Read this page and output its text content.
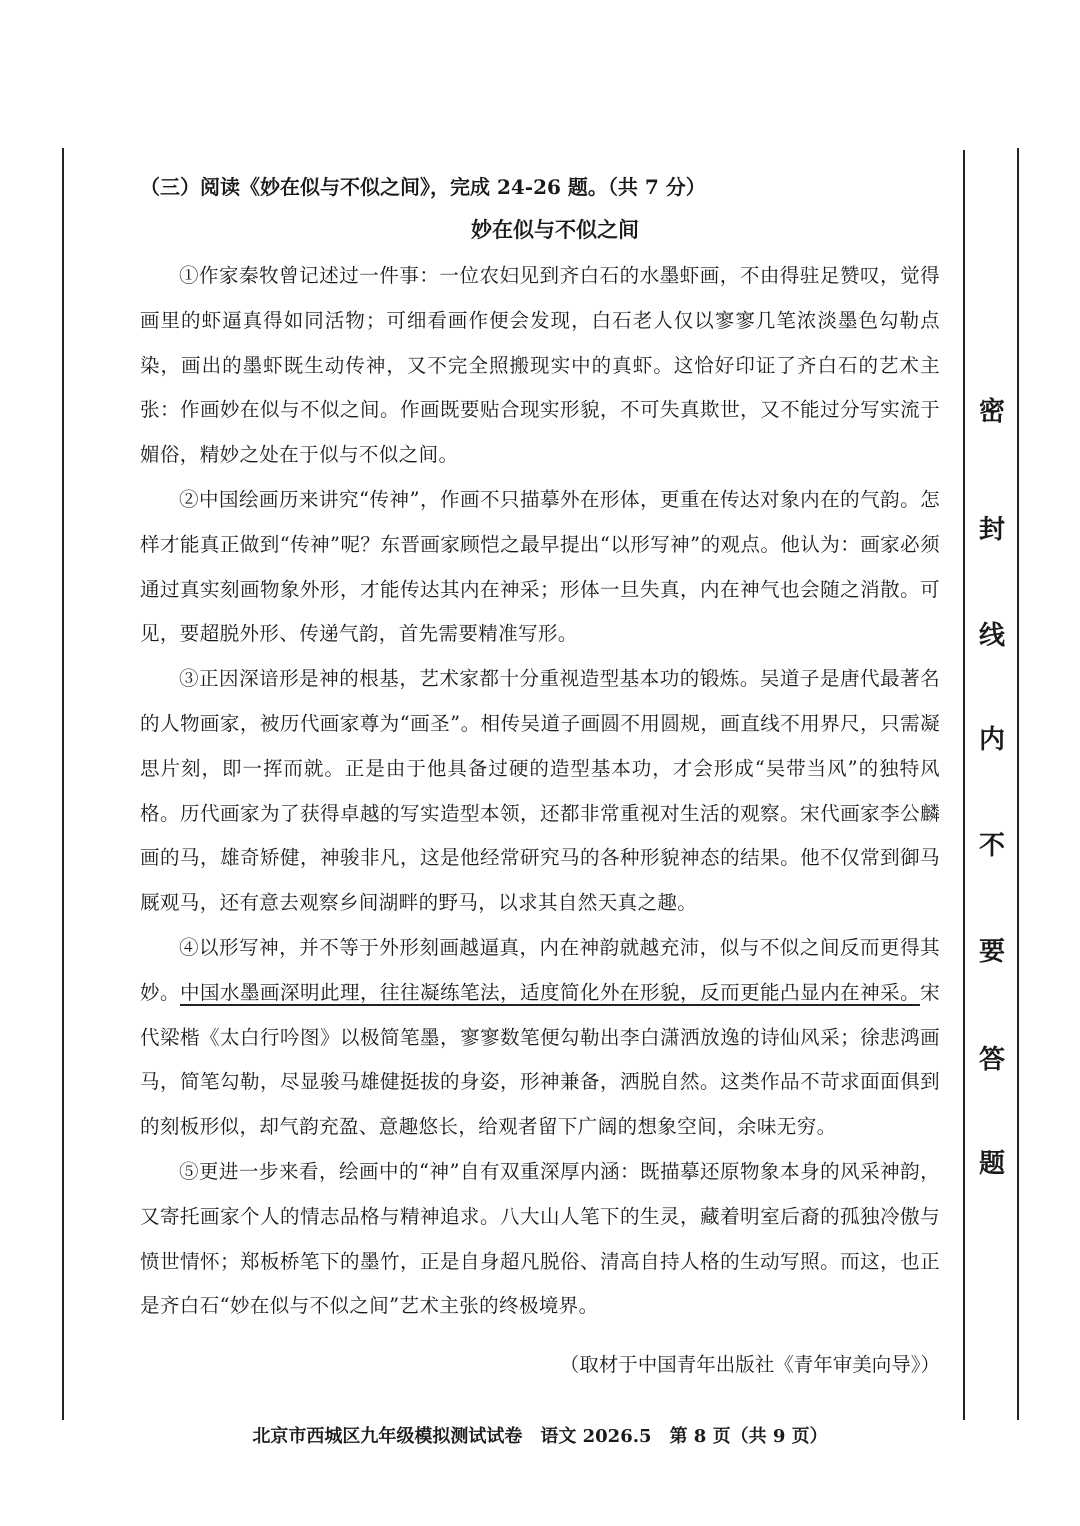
密
封
线
内
不
要
答
题
（三）阅读《妙在似与不似之间》，完成 24-26 题。（共 7 分）
妙在似与不似之间

①作家秦牧曾记述过一件事：一位农妇见到齐白石的水墨虾画，不由得驻足赞叹，觉得画里的虾逼真得如同活物；可细看画作便会发现，白石老人仅以寥寥几笔浓淡墨色勾勒点染，画出的墨虾既生动传神，又不完全照搬现实中的真虾。这恰好印证了齐白石的艺术主张：作画妙在似与不似之间。作画既要贴合现实形貌，不可失真欺世，又不能过分写实流于媚俗，精妙之处在于似与不似之间。

②中国绘画历来讲究“传神”，作画不只描摹外在形体，更重在传达对象内在的气韵。怎样才能真正做到“传神”呢？东晋画家顾恺之最早提出“以形写神”的观点。他认为：画家必须通过真实刻画物象外形，才能传达其内在神采；形体一旦失真，内在神气也会随之消散。可见，要超脱外形、传递气韵，首先需要精准写形。

③正因深谙形是神的根基，艺术家都十分重视造型基本功的锻炼。吴道子是唐代最著名的人物画家，被历代画家尊为“画圣”。相传吴道子画圆不用圆规，画直线不用界尺，只需凝思片刻，即一挥而就。正是由于他具备过硬的造型基本功，才会形成“吴带当风”的独特风格。历代画家为了获得卓越的写实造型本领，还都非常重视对生活的观察。宋代画家李公麟画的马，雄奇矫健，神骏非凡，这是他经常研究马的各种形貌神态的结果。他不仅常到御马厩观马，还有意去观察乡间湖畔的野马，以求其自然天真之趣。

④以形写神，并不等于外形刻画越逼真，内在神韵就越充沛，似与不似之间反而更得其妙。中国水墨画深明此理，往往凝练笔法，适度简化外在形貌，反而更能凸显内在神采。宋代梁楷《太白行吟图》以极简笔墨，寥寥数笔便勾勒出李白潇洒放逸的诗仙风采；徐悲鸿画马，简笔勾勒，尽显骏马雄健挺拔的身姿，形神兼备，洒脱自然。这类作品不苛求面面俱到的刻板形似，却气韵充盈、意趣悠长，给观者留下广阔的想象空间，余味无穷。

⑤更进一步来看，绘画中的“神”自有双重深厚内涵：既描摹还原物象本身的风采神韵，又寄托画家个人的情志品格与精神追求。八大山人笔下的生灵，藏着明室后裔的孤独冷傲与愤世情怀；郑板桥笔下的墨竹，正是自身超凡脱俗、清高自持人格的生动写照。而这，也正是齐白石“妙在似与不似之间”艺术主张的终极境界。

（取材于中国青年出版社《青年审美向导》）
北京市西城区九年级模拟测试试卷　语文 2026.5　第 8 页（共 9 页）
